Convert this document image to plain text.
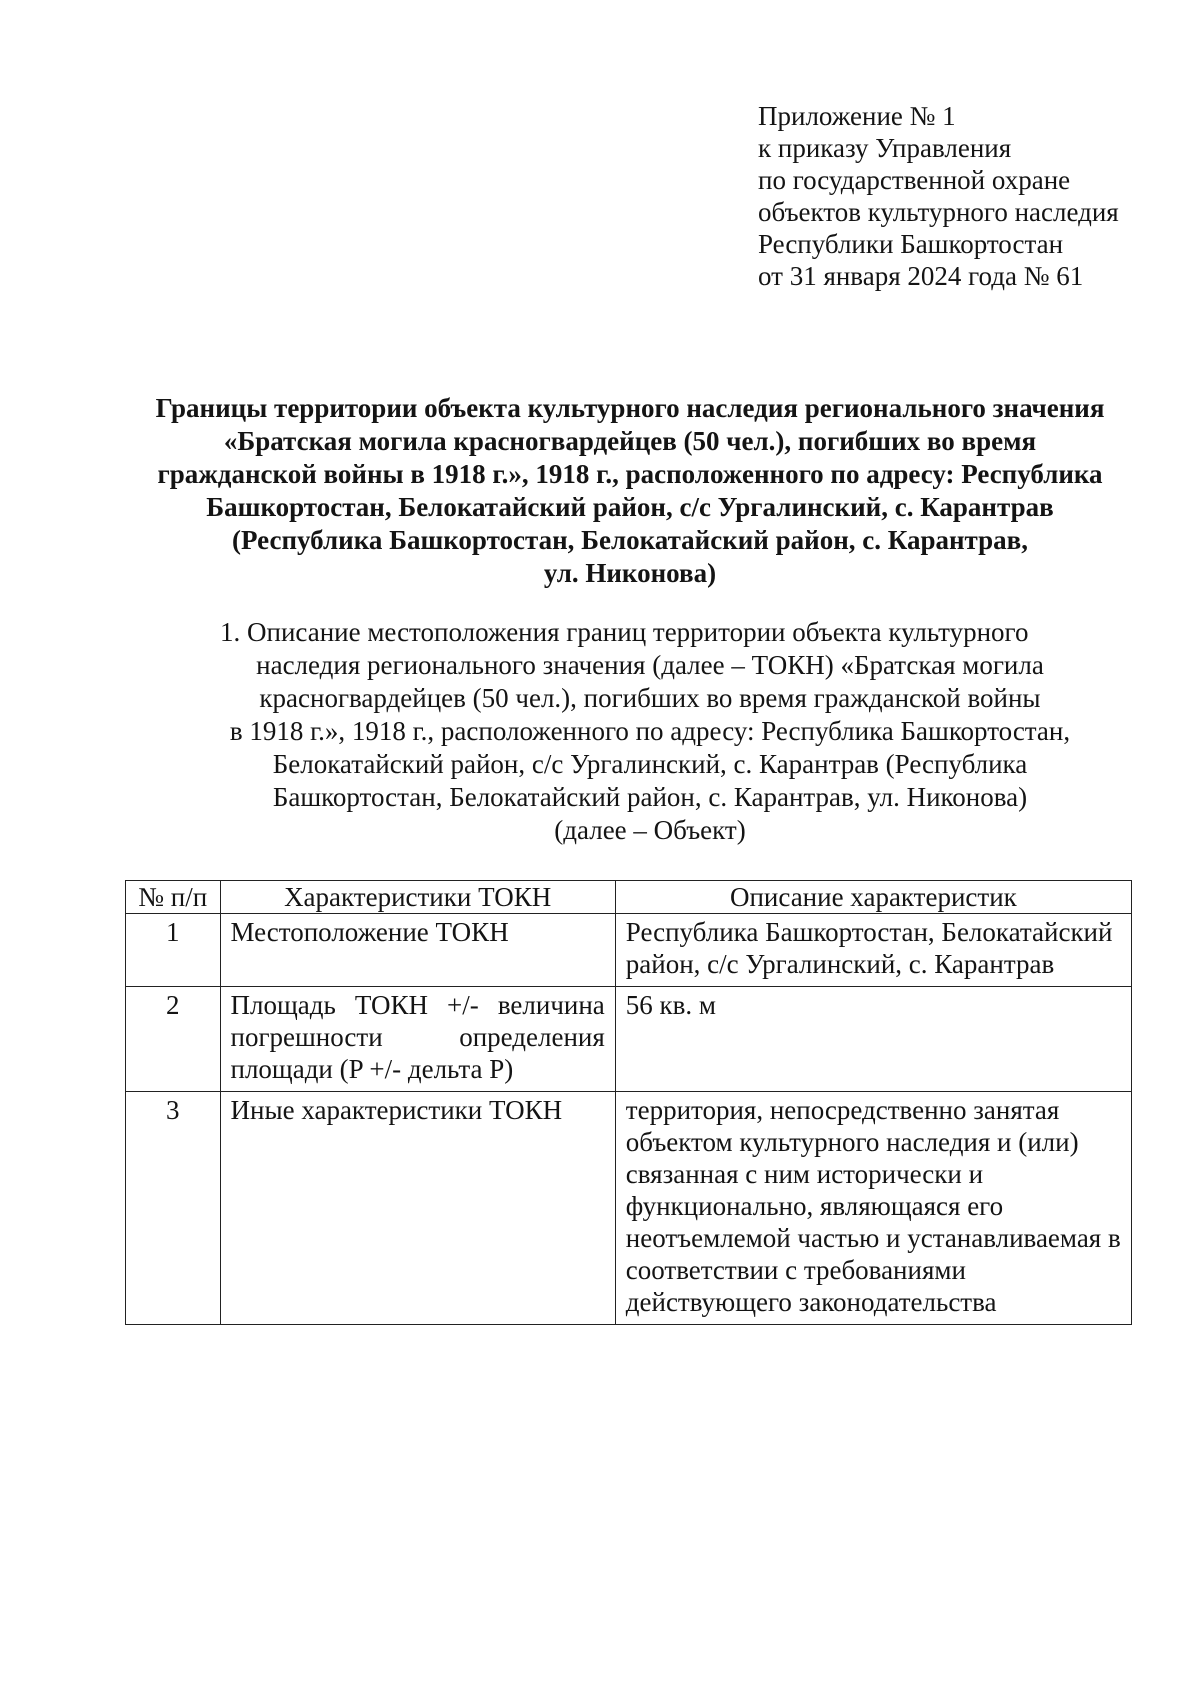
Приложение № 1
к приказу Управления
по государственной охране
объектов культурного наследия
Республики Башкортостан
от 31 января 2024 года № 61
Границы территории объекта культурного наследия регионального значения
«Братская могила красногвардейцев (50 чел.), погибших во время
гражданской войны в 1918 г.», 1918 г., расположенного по адресу: Республика
Башкортостан, Белокатайский район, с/с Ургалинский, с. Карантрав
(Республика Башкортостан, Белокатайский район, с. Карантрав,
ул. Никонова)
1. Описание местоположения границ территории объекта культурного
наследия регионального значения (далее – ТОКН) «Братская могила
красногвардейцев (50 чел.), погибших во время гражданской войны
в 1918 г.», 1918 г., расположенного по адресу: Республика Башкортостан,
Белокатайский район, с/с Ургалинский, с. Карантрав (Республика
Башкортостан, Белокатайский район, с. Карантрав, ул. Никонова)
(далее – Объект)
№ п/п	Характеристики ТОКН	Описание характеристик
1	Местоположение ТОКН	Республика Башкортостан, Белокатайский район, с/с Ургалинский, с. Карантрав
2	Площадь ТОКН +/- величина погрешности определения площади (P +/- дельта P)	56 кв. м
3	Иные характеристики ТОКН	территория, непосредственно занятая объектом культурного наследия и (или) связанная с ним исторически и функционально, являющаяся его неотъемлемой частью и устанавливаемая в соответствии с требованиями действующего законодательства
